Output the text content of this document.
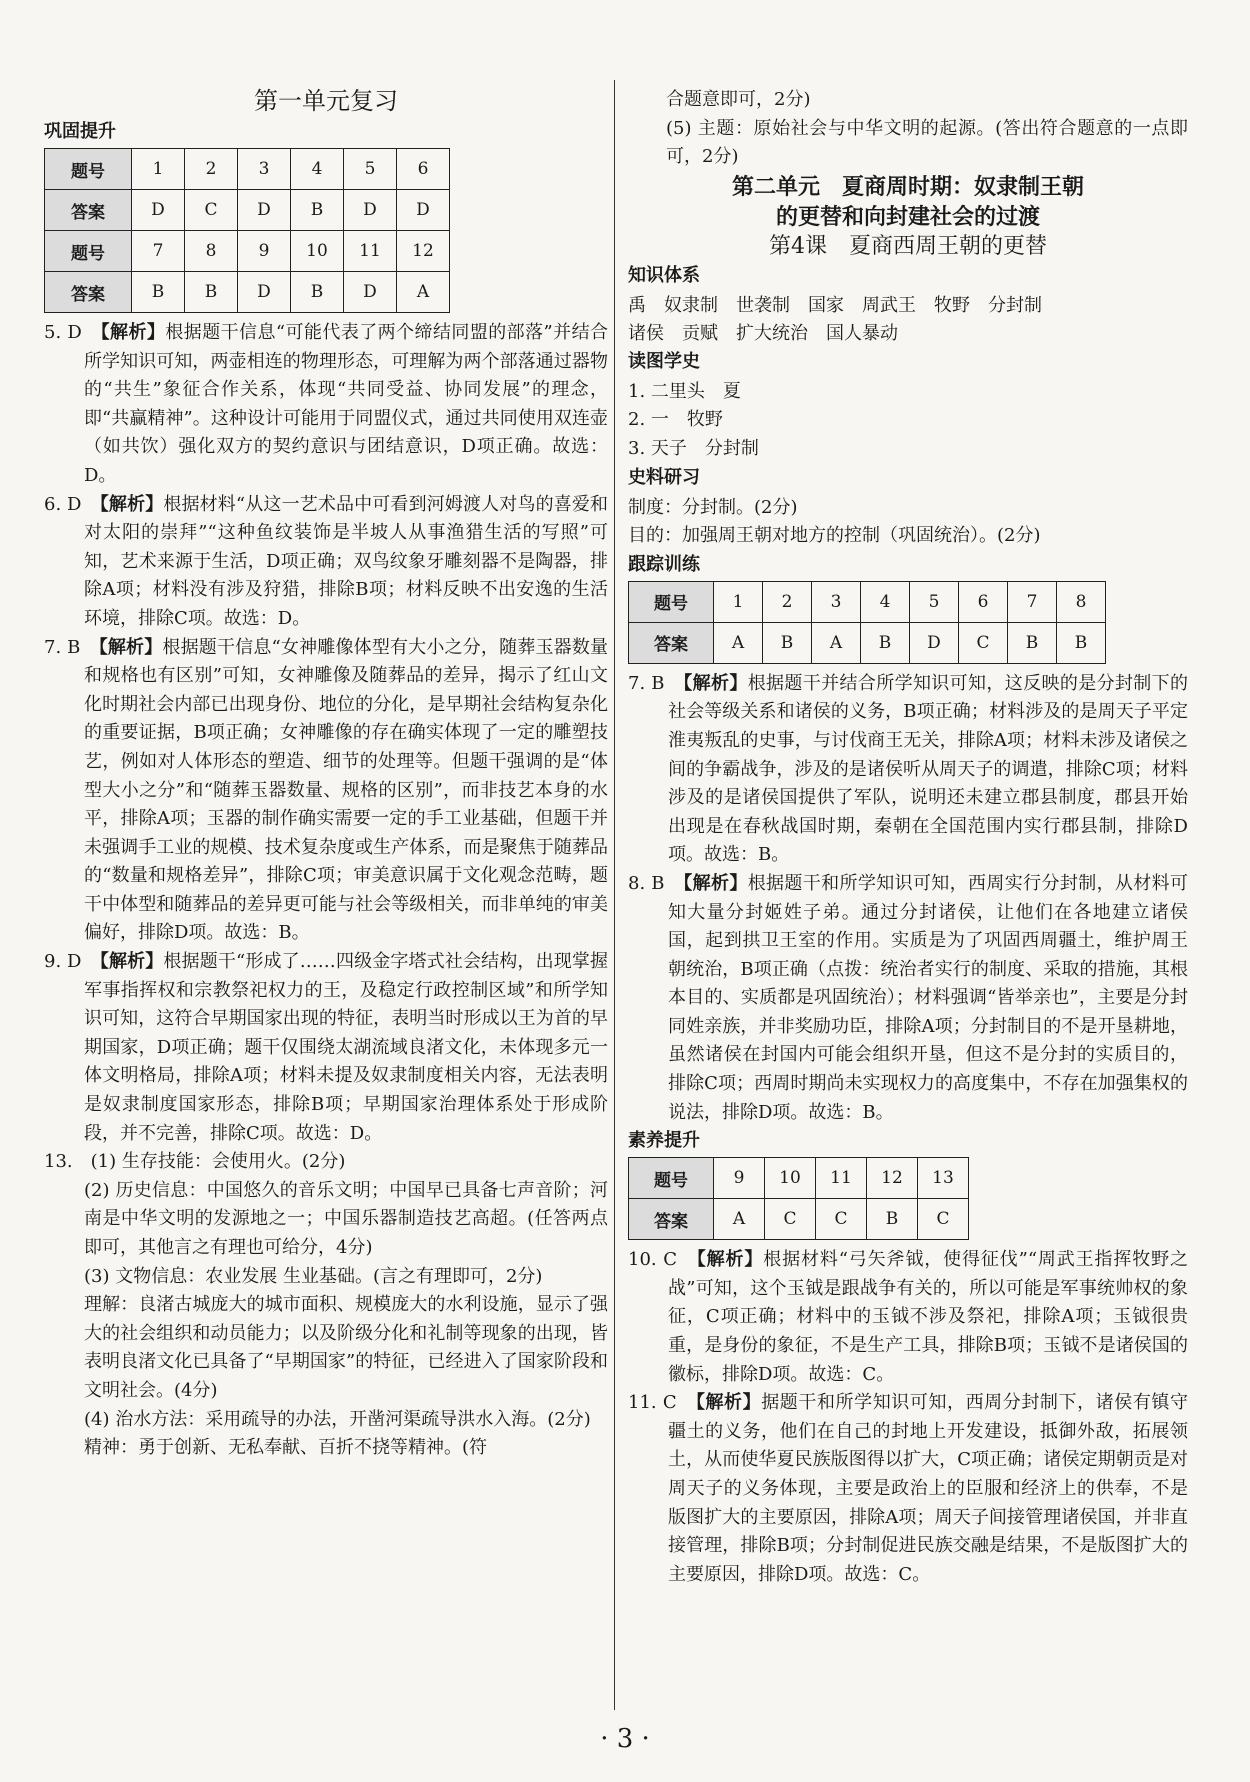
第一单元复习
巩固提升
题号	1	2	3	4	5	6
答案	D	C	D	B	D	D
题号	7	8	9	10	11	12
答案	B	B	D	B	D	A

5. D　 【解析】根据题干信息“可能代表了两个缔结同盟的部落”并结合所学知识可知，两壶相连的物理形态，可理解为两个部落通过器物的“共生”象征合作关系，体现“共同受益、协同发展”的理念，即“共赢精神”。这种设计可能用于同盟仪式，通过共同使用双连壶（如共饮）强化双方的契约意识与团结意识，D项正确。故选：D。

6. D　 【解析】根据材料“从这一艺术品中可看到河姆渡人对鸟的喜爱和对太阳的崇拜”“这种鱼纹装饰是半坡人从事渔猎生活的写照”可知，艺术来源于生活，D项正确；双鸟纹象牙雕刻器不是陶器，排除A项；材料没有涉及狩猎，排除B项；材料反映不出安逸的生活环境，排除C项。故选：D。

7. B　 【解析】根据题干信息“女神雕像体型有大小之分，随葬玉器数量和规格也有区别”可知，女神雕像及随葬品的差异，揭示了红山文化时期社会内部已出现身份、地位的分化，是早期社会结构复杂化的重要证据，B项正确；女神雕像的存在确实体现了一定的雕塑技艺，例如对人体形态的塑造、细节的处理等。但题干强调的是“体型大小之分”和“随葬玉器数量、规格的区别”，而非技艺本身的水平，排除A项；玉器的制作确实需要一定的手工业基础，但题干并未强调手工业的规模、技术复杂度或生产体系，而是聚焦于随葬品的“数量和规格差异”，排除C项；审美意识属于文化观念范畴，题干中体型和随葬品的差异更可能与社会等级相关，而非单纯的审美偏好，排除D项。故选：B。

9. D　 【解析】根据题干“形成了……四级金字塔式社会结构，出现掌握军事指挥权和宗教祭祀权力的王，及稳定行政控制区域”和所学知识可知，这符合早期国家出现的特征，表明当时形成以王为首的早期国家，D项正确；题干仅围绕太湖流域良渚文化，未体现多元一体文明格局，排除A项；材料未提及奴隶制度相关内容，无法表明是奴隶制度国家形态，排除B项；早期国家治理体系处于形成阶段，并不完善，排除C项。故选：D。

13.　 (1) 生存技能：会使用火。(2分)

(2) 历史信息：中国悠久的音乐文明；中国早已具备七声音阶；河南是中华文明的发源地之一；中国乐器制造技艺高超。(任答两点即可，其他言之有理也可给分，4分)

(3) 文物信息：农业发展 生业基础。(言之有理即可，2分)

理解：良渚古城庞大的城市面积、规模庞大的水利设施，显示了强大的社会组织和动员能力；以及阶级分化和礼制等现象的出现，皆表明良渚文化已具备了“早期国家”的特征，已经进入了国家阶段和文明社会。(4分)

(4) 治水方法：采用疏导的办法，开凿河渠疏导洪水入海。(2分)

精神：勇于创新、无私奉献、百折不挠等精神。(符

合题意即可，2分)

(5) 主题：原始社会与中华文明的起源。(答出符合题意的一点即可，2分)

第二单元　夏商周时期：奴隶制王朝
的更替和向封建社会的过渡
第4课　夏商西周王朝的更替
知识体系

禹　奴隶制　世袭制　国家　周武王　牧野　分封制

诸侯　贡赋　扩大统治　国人暴动

读图学史

1. 二里头　夏

2. 一　牧野

3. 天子　分封制

史料研习

制度：分封制。(2分)

目的：加强周王朝对地方的控制（巩固统治）。(2分)

跟踪训练
题号	1	2	3	4	5	6	7	8
答案	A	B	A	B	D	C	B	B

7. B　 【解析】根据题干并结合所学知识可知，这反映的是分封制下的社会等级关系和诸侯的义务，B项正确；材料涉及的是周天子平定淮夷叛乱的史事，与讨伐商王无关，排除A项；材料未涉及诸侯之间的争霸战争，涉及的是诸侯听从周天子的调遣，排除C项；材料涉及的是诸侯国提供了军队，说明还未建立郡县制度，郡县开始出现是在春秋战国时期，秦朝在全国范围内实行郡县制，排除D项。故选：B。

8. B　 【解析】根据题干和所学知识可知，西周实行分封制，从材料可知大量分封姬姓子弟。通过分封诸侯，让他们在各地建立诸侯国，起到拱卫王室的作用。实质是为了巩固西周疆土，维护周王朝统治，B项正确（点拨：统治者实行的制度、采取的措施，其根本目的、实质都是巩固统治）；材料强调“皆举亲也”，主要是分封同姓亲族，并非奖励功臣，排除A项；分封制目的不是开垦耕地，虽然诸侯在封国内可能会组织开垦，但这不是分封的实质目的，排除C项；西周时期尚未实现权力的高度集中，不存在加强集权的说法，排除D项。故选：B。

素养提升
题号	9	10	11	12	13
答案	A	C	C	B	C

10. C　 【解析】根据材料“弓矢斧钺，使得征伐”“周武王指挥牧野之战”可知，这个玉钺是跟战争有关的，所以可能是军事统帅权的象征，C项正确；材料中的玉钺不涉及祭祀，排除A项；玉钺很贵重，是身份的象征，不是生产工具，排除B项；玉钺不是诸侯国的徽标，排除D项。故选：C。

11. C　 【解析】据题干和所学知识可知，西周分封制下，诸侯有镇守疆土的义务，他们在自己的封地上开发建设，抵御外敌，拓展领土，从而使华夏民族版图得以扩大，C项正确；诸侯定期朝贡是对周天子的义务体现，主要是政治上的臣服和经济上的供奉，不是版图扩大的主要原因，排除A项；周天子间接管理诸侯国，并非直接管理，排除B项；分封制促进民族交融是结果，不是版图扩大的主要原因，排除D项。故选：C。

· 3 ·
